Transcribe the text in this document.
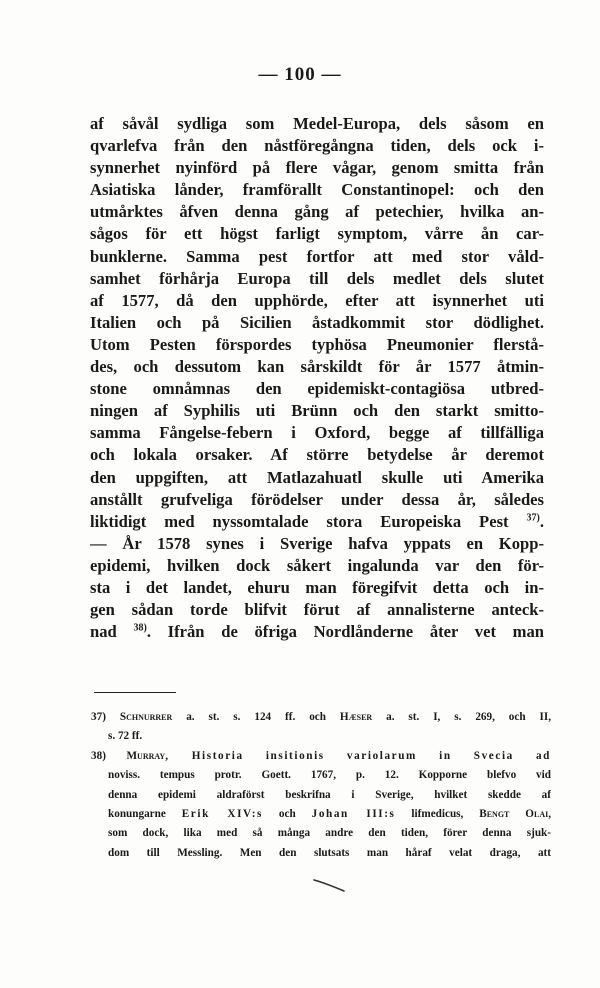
— 100 —
af såvål sydliga som Medel-Europa, dels såsom en
qvarlefva från den nåstföregångna tiden, dels ock i-
synnerhet nyinförd på flere vågar, genom smitta från
Asiatiska lånder, framförallt Constantinopel: och den
utmårktes åfven denna gång af petechier, hvilka an-
sågos för ett högst farligt symptom, vårre ån car-
bunklerne. Samma pest fortfor att med stor våld-
samhet förhårja Europa till dels medlet dels slutet
af 1577, då den upphörde, efter att isynnerhet uti
Italien och på Sicilien åstadkommit stor dödlighet.
Utom Pesten förspordes typhösa Pneumonier flerstå-
des, och dessutom kan sårskildt för år 1577 åtmin-
stone omnåmnas den epidemiskt-contagiösa utbred-
ningen af Syphilis uti Brünn och den starkt smitto-
samma Fångelse-febern i Oxford, begge af tillfälliga
och lokala orsaker. Af större betydelse år deremot
den uppgiften, att Matlazahuatl skulle uti Amerika
anstållt grufveliga förödelser under dessa år, således
liktidigt med nyssomtalade stora Europeiska Pest $^{37)}$.
— År 1578 synes i Sverige hafva yppats en Kopp-
epidemi, hvilken dock såkert ingalunda var den för-
sta i det landet, ehuru man föregifvit detta och in-
gen sådan torde blifvit förut af annalisterne anteck-
nad $^{38)}$. Ifrån de öfriga Nordlånderne åter vet man
37) Schnurrer a. st. s. 124 ff. och Hæser a. st. I, s. 269, och II,
s. 72 ff.
38) Murray, Historia insitionis variolarum in Svecia ad
noviss. tempus protr. Goett. 1767, p. 12. Kopporne blefvo vid
denna epidemi aldraförst beskrifna i Sverige, hvilket skedde af
konungarne Erik XIV:s och Johan III:s lifmedicus, Bengt Olai,
som dock, lika med så många andre den tiden, förer denna sjuk-
dom till Messling. Men den slutsats man håraf velat draga, att
